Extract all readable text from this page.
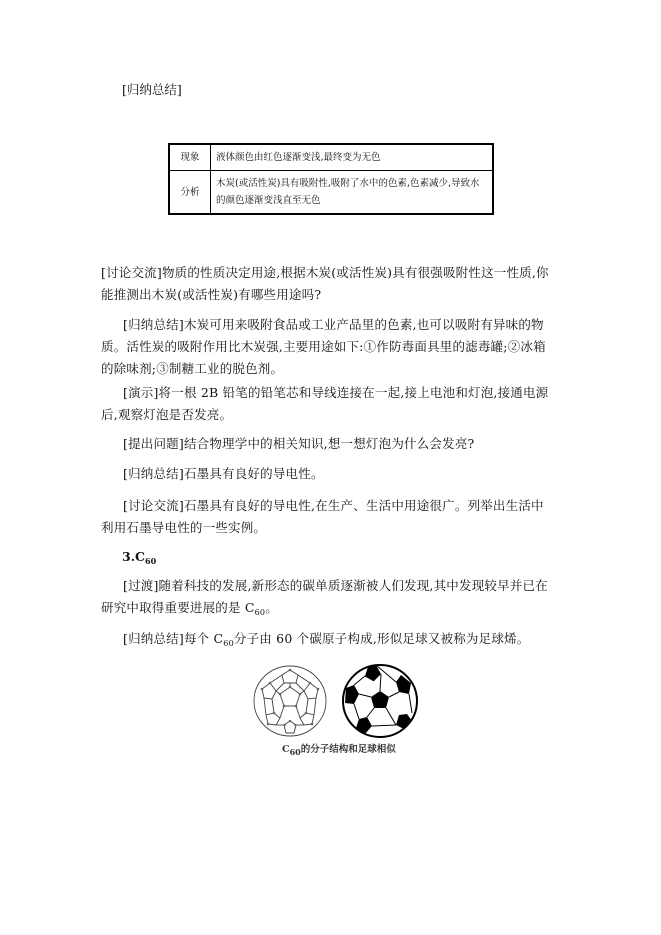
[归纳总结]
现象	液体颜色由红色逐渐变浅,最终变为无色
分析	木炭(或活性炭)具有吸附性,吸附了水中的色素,色素减少,导致水的颜色逐渐变浅直至无色
[讨论交流]物质的性质决定用途,根据木炭(或活性炭)具有很强吸附性这一性质,你能推测出木炭(或活性炭)有哪些用途吗?
[归纳总结]木炭可用来吸附食品或工业产品里的色素,也可以吸附有异味的物质。活性炭的吸附作用比木炭强,主要用途如下:①作防毒面具里的滤毒罐;②冰箱的除味剂;③制糖工业的脱色剂。
[演示]将一根 2B 铅笔的铅笔芯和导线连接在一起,接上电池和灯泡,接通电源后,观察灯泡是否发亮。
[提出问题]结合物理学中的相关知识,想一想灯泡为什么会发亮?
[归纳总结]石墨具有良好的导电性。
[讨论交流]石墨具有良好的导电性,在生产、生活中用途很广。列举出生活中利用石墨导电性的一些实例。
$3.C_{60}$
[过渡]随着科技的发展,新形态的碳单质逐渐被人们发现,其中发现较早并已在研究中取得重要进展的是 $C_{60}$。
[归纳总结]每个 $C_{60}$分子由 60 个碳原子构成,形似足球又被称为足球烯。
$C_{60}$的分子结构和足球相似
